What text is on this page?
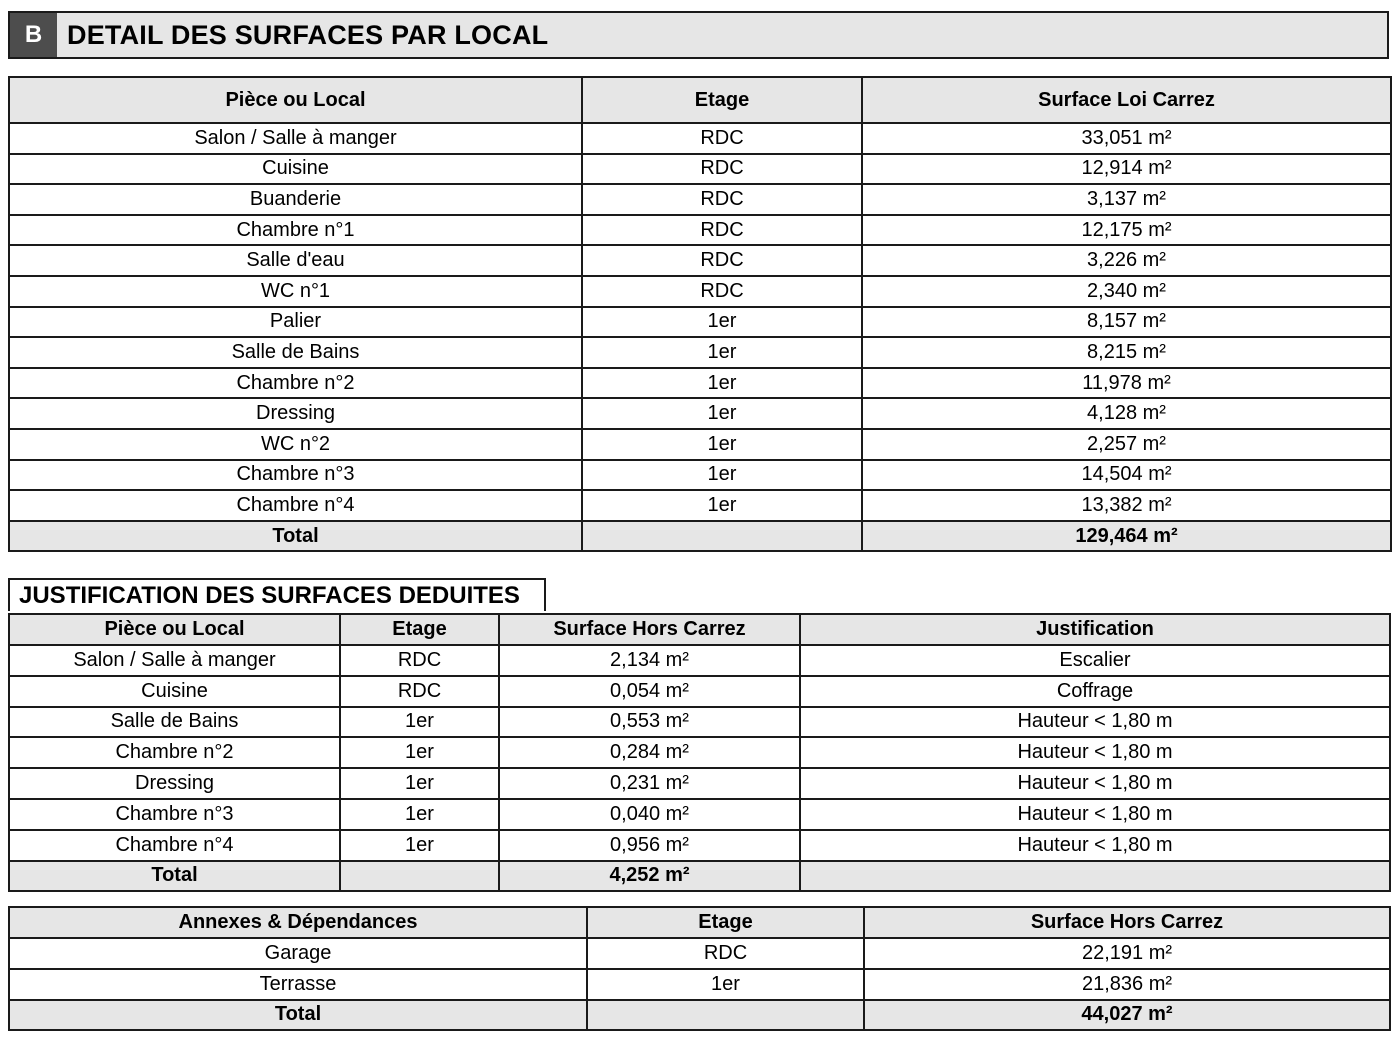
B DETAIL DES SURFACES PAR LOCAL
Pièce ou Local	Etage	Surface Loi Carrez
Salon / Salle à manger	RDC	33,051 m²
Cuisine	RDC	12,914 m²
Buanderie	RDC	3,137 m²
Chambre n°1	RDC	12,175 m²
Salle d'eau	RDC	3,226 m²
WC n°1	RDC	2,340 m²
Palier	1er	8,157 m²
Salle de Bains	1er	8,215 m²
Chambre n°2	1er	11,978 m²
Dressing	1er	4,128 m²
WC n°2	1er	2,257 m²
Chambre n°3	1er	14,504 m²
Chambre n°4	1er	13,382 m²
Total		129,464 m²
JUSTIFICATION DES SURFACES DEDUITES
Pièce ou Local	Etage	Surface Hors Carrez	Justification
Salon / Salle à manger	RDC	2,134 m²	Escalier
Cuisine	RDC	0,054 m²	Coffrage
Salle de Bains	1er	0,553 m²	Hauteur < 1,80 m
Chambre n°2	1er	0,284 m²	Hauteur < 1,80 m
Dressing	1er	0,231 m²	Hauteur < 1,80 m
Chambre n°3	1er	0,040 m²	Hauteur < 1,80 m
Chambre n°4	1er	0,956 m²	Hauteur < 1,80 m
Total		4,252 m²	
Annexes & Dépendances	Etage	Surface Hors Carrez
Garage	RDC	22,191 m²
Terrasse	1er	21,836 m²
Total		44,027 m²
